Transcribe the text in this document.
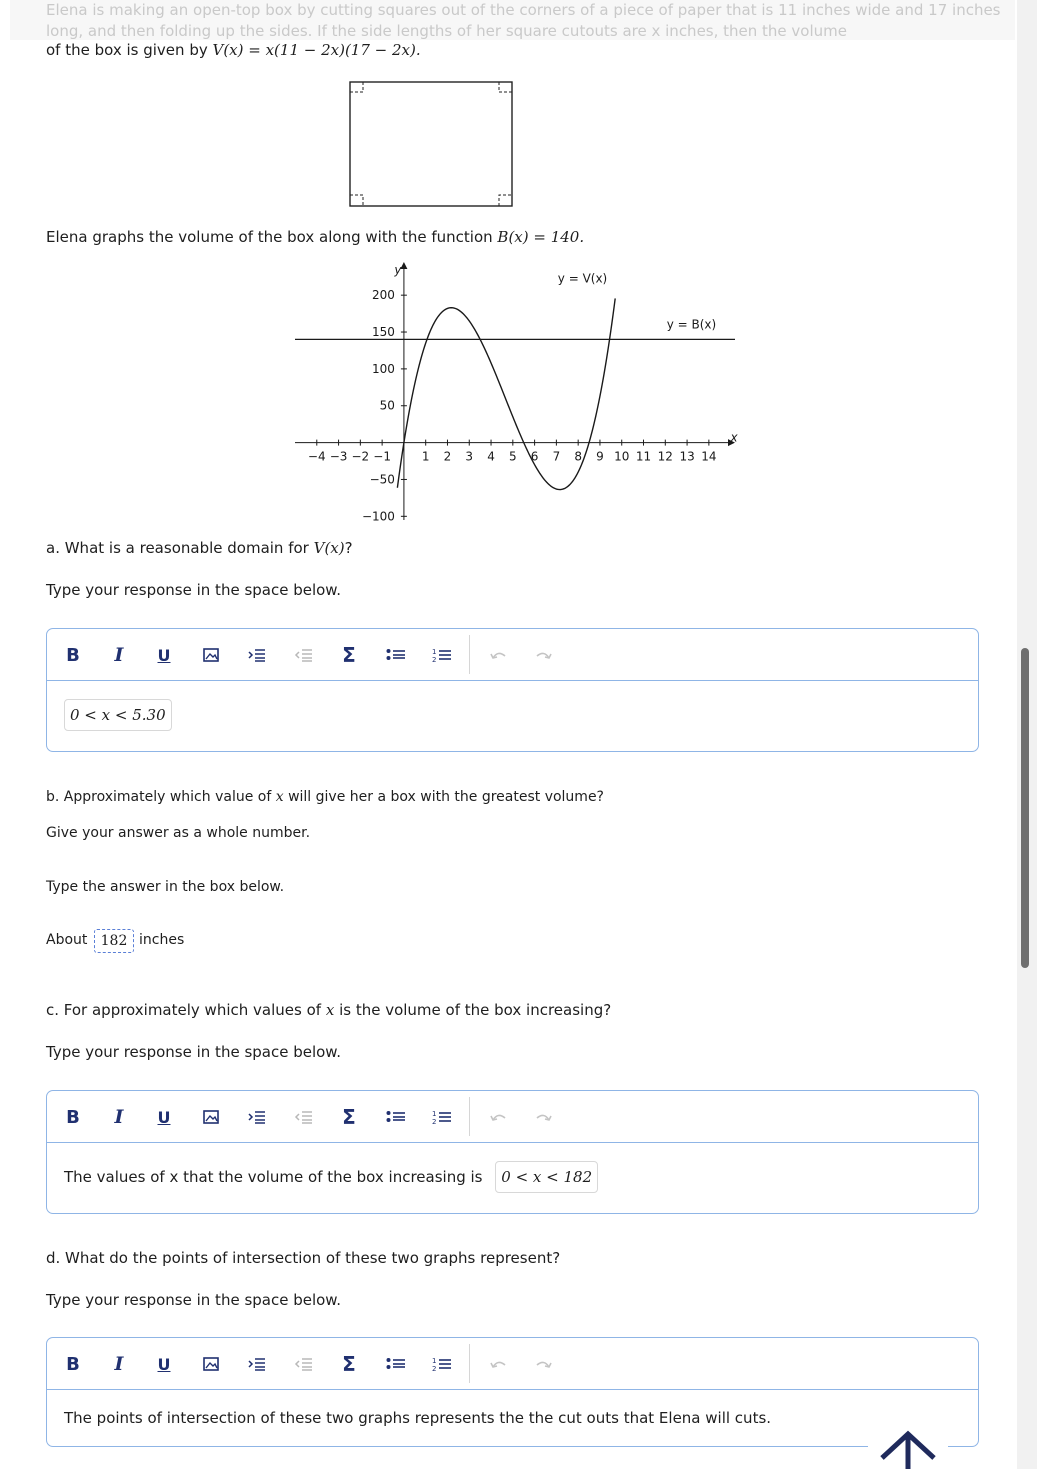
Elena is making an open-top box by cutting squares out of the corners of a piece of paper that is 11 inches wide and 17 inches long, and then folding up the sides. If the side lengths of her square cutouts are x inches, then the volume
of the box is given by V(x) = x(11 − 2x)(17 − 2x).
Elena graphs the volume of the box along with the function B(x) = 140.
x
y
−4 −3 −2 −1	1 2 3 4 5 6 7 8 9 10 11 12 13 14
200
150
100
50
−50
−100
y = V(x)
y = B(x)
a. What is a reasonable domain for V(x)?
Type your response in the space below.
B	I	U	Σ	1
2
0 < x < 5.30
b. Approximately which value of x will give her a box with the greatest volume?
Give your answer as a whole number.
Type the answer in the box below.
About 182 inches
c. For approximately which values of x is the volume of the box increasing?
Type your response in the space below.
B	I	U	Σ	1
2
The values of x that the volume of the box increasing is 0 < x < 182
d. What do the points of intersection of these two graphs represent?
Type your response in the space below.
B	I	U	Σ	1
2
The points of intersection of these two graphs represents the the cut outs that Elena will cuts.
